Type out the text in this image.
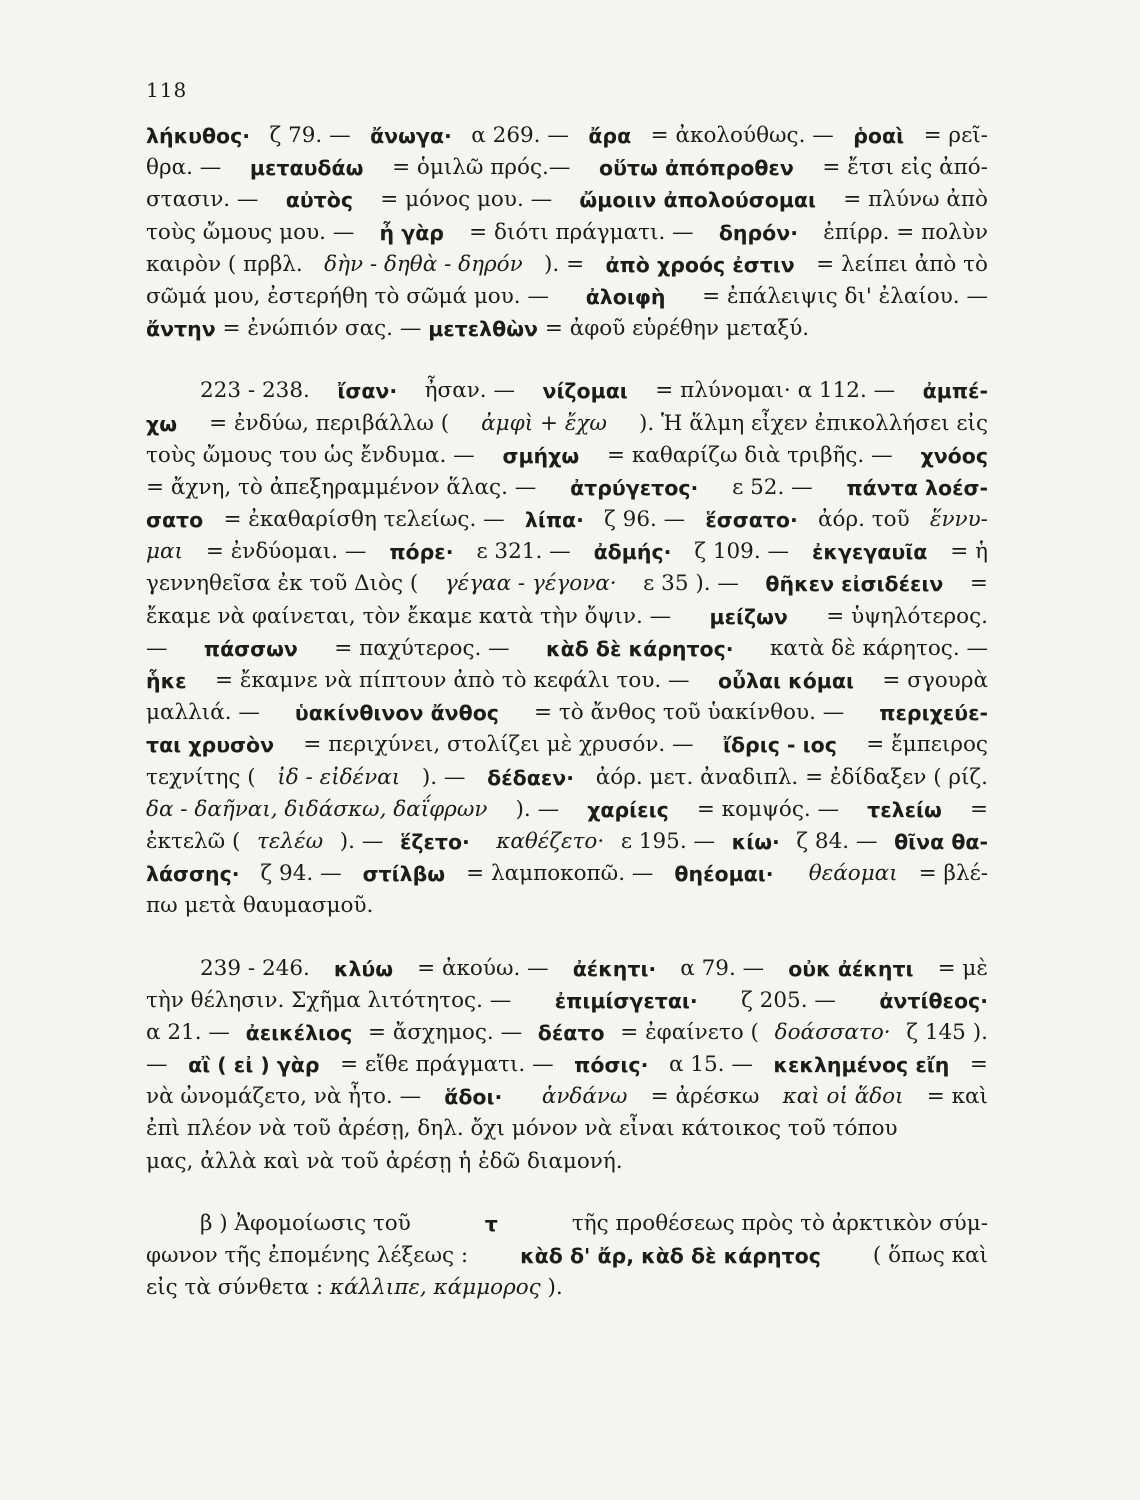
118
λήκυθος· ζ 79. — ἄνωγα· α 269. — ἄρα = ἀκολούθως. — ῥοαὶ = ρεῖ-
θρα. — μεταυδάω = ὁμιλῶ πρός.— οὕτω ἀπόπροθεν = ἔτσι εἰς ἀπό-
στασιν. — αὐτὸς = μόνος μου. — ὤμοιιν ἀπολούσομαι = πλύνω ἀπὸ
τοὺς ὤμους μου. — ἦ γὰρ = διότι πράγματι. — δηρόν· ἐπίρρ. = πολὺν
καιρὸν ( πρβλ. δὴν - δηθὰ - δηρόν ). = ἀπὸ χροός ἐστιν = λείπει ἀπὸ τὸ
σῶμά μου, ἐστερήθη τὸ σῶμά μου. — ἀλοιφὴ = ἐπάλειψις δι' ἐλαίου. —
ἄντην = ἐνώπιόν σας. — μετελθὼν = ἀφοῦ εὑρέθην μεταξύ.
223 - 238. ἴσαν· ἦσαν. — νίζομαι = πλύνομαι· α 112. — ἀμπέ-
χω = ἐνδύω, περιβάλλω ( ἀμφὶ + ἔχω ). Ἡ ἅλμη εἶχεν ἐπικολλήσει εἰς
τοὺς ὤμους του ὡς ἔνδυμα. — σμήχω = καθαρίζω διὰ τριβῆς. — χνόος
= ἄχνη, τὸ ἀπεξηραμμένον ἅλας. — ἀτρύγετος· ε 52. — πάντα λοέσ-
σατο = ἐκαθαρίσθη τελείως. — λίπα· ζ 96. — ἕσσατο· ἀόρ. τοῦ ἕννυ-
μαι = ἐνδύομαι. — πόρε· ε 321. — ἀδμής· ζ 109. — ἐκγεγαυῖα = ἡ
γεννηθεῖσα ἐκ τοῦ Διὸς ( γέγαα - γέγονα· ε 35 ). — θῆκεν εἰσιδέειν =
ἔκαμε νὰ φαίνεται, τὸν ἔκαμε κατὰ τὴν ὄψιν. — μείζων = ὑψηλότερος.
— πάσσων = παχύτερος. — κὰδ δὲ κάρητος· κατὰ δὲ κάρητος. —
ἧκε = ἔκαμνε νὰ πίπτουν ἀπὸ τὸ κεφάλι του. — οὖλαι κόμαι = σγουρὰ
μαλλιά. — ὑακίνθινον ἄνθος = τὸ ἄνθος τοῦ ὑακίνθου. — περιχεύε-
ται χρυσὸν = περιχύνει, στολίζει μὲ χρυσόν. — ἴδρις - ιος = ἔμπειρος
τεχνίτης ( ἰδ - εἰδέναι ). — δέδαεν· ἀόρ. μετ. ἀναδιπλ. = ἐδίδαξεν ( ρίζ.
δα - δαῆναι, διδάσκω, δαΐφρων ). — χαρίεις = κομψός. — τελείω =
ἐκτελῶ ( τελέω ). — ἕζετο·
καθέζετο· ε 195. — κίω· ζ 84. — θῖνα θα-
λάσσης· ζ 94. — στίλβω = λαμποκοπῶ. — θηέομαι·
θεάομαι = βλέ-
πω μετὰ θαυμασμοῦ.
239 - 246. κλύω = ἀκούω. — ἀέκητι· α 79. — οὐκ ἀέκητι = μὲ
τὴν θέλησιν. Σχῆμα λιτότητος. — ἐπιμίσγεται· ζ 205. — ἀντίθεος·
α 21. — ἀεικέλιος = ἄσχημος. — δέατο = ἐφαίνετο ( δοάσσατο· ζ 145 ).
— αἲ ( εἰ ) γὰρ = εἴθε πράγματι. — πόσις· α 15. — κεκλημένος εἴη =
νὰ ὠνομάζετο, νὰ ἦτο. — ἅδοι·
ἁνδάνω = ἀρέσκω καὶ οἱ ἅδοι = καὶ
ἐπὶ πλέον νὰ τοῦ ἀρέσῃ, δηλ. ὄχι μόνον νὰ εἶναι κάτοικος τοῦ τόπου
μας, ἀλλὰ καὶ νὰ τοῦ ἀρέσῃ ἡ ἐδῶ διαμονή.
β ) Ἀφομοίωσις τοῦ	τ	τῆς προθέσεως πρὸς τὸ ἀρκτικὸν σύμ-
φωνον τῆς ἐπομένης λέξεως : κὰδ δ' ἄρ, κὰδ δὲ κάρητος ( ὅπως καὶ
εἰς τὰ σύνθετα : κάλλιπε, κάμμορος ).
